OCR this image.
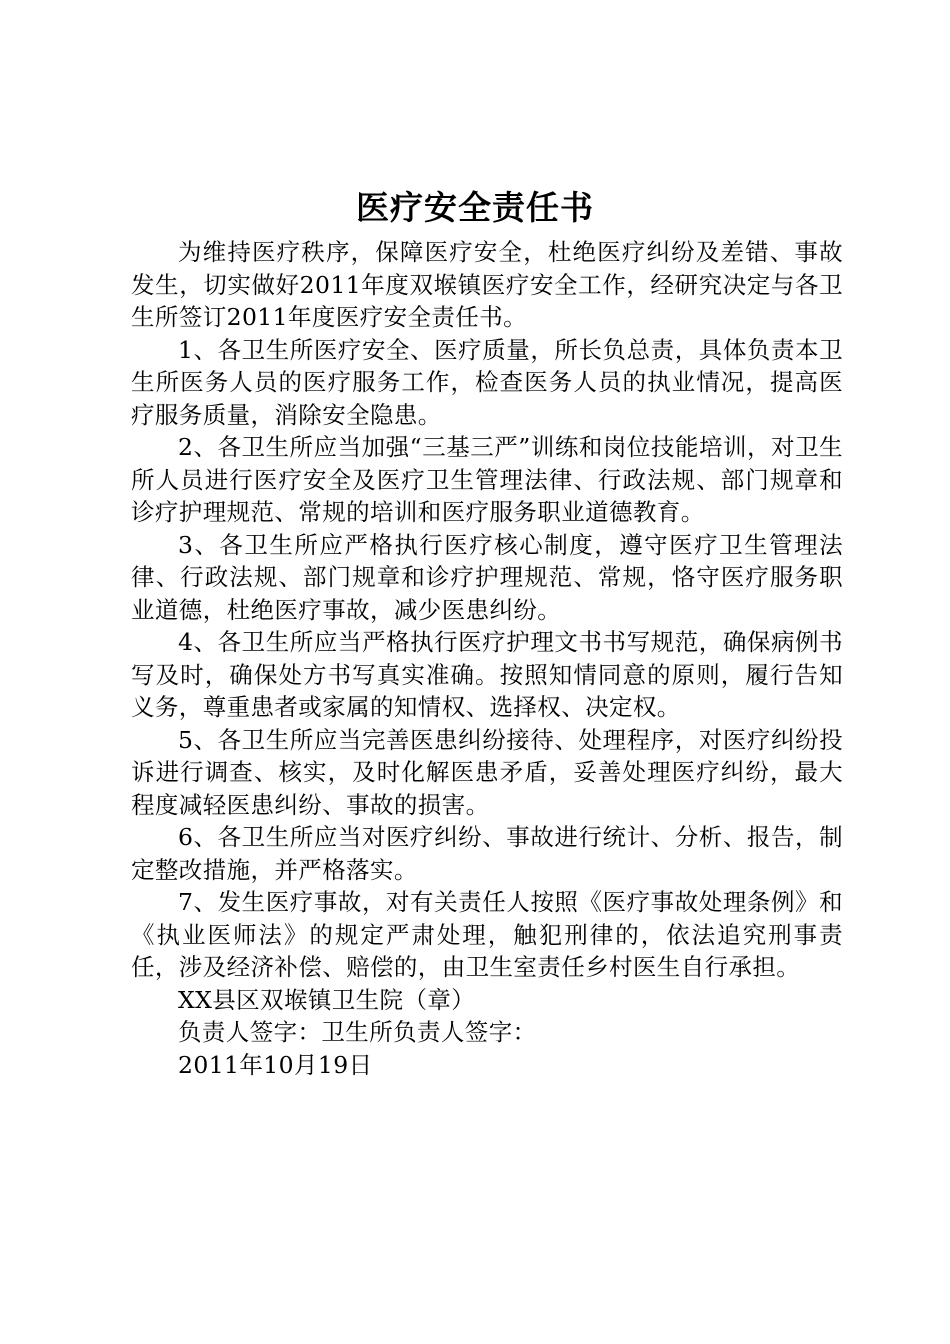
医疗安全责任书

为维持医疗秩序，保障医疗安全，杜绝医疗纠纷及差错、事故发生，切实做好2011年度双堠镇医疗安全工作，经研究决定与各卫生所签订2011年度医疗安全责任书。

1、各卫生所医疗安全、医疗质量，所长负总责，具体负责本卫生所医务人员的医疗服务工作，检查医务人员的执业情况，提高医疗服务质量，消除安全隐患。

2、各卫生所应当加强“三基三严”训练和岗位技能培训，对卫生所人员进行医疗安全及医疗卫生管理法律、行政法规、部门规章和诊疗护理规范、常规的培训和医疗服务职业道德教育。

3、各卫生所应严格执行医疗核心制度，遵守医疗卫生管理法律、行政法规、部门规章和诊疗护理规范、常规，恪守医疗服务职业道德，杜绝医疗事故，减少医患纠纷。

4、各卫生所应当严格执行医疗护理文书书写规范，确保病例书写及时，确保处方书写真实准确。按照知情同意的原则，履行告知义务，尊重患者或家属的知情权、选择权、决定权。

5、各卫生所应当完善医患纠纷接待、处理程序，对医疗纠纷投诉进行调查、核实，及时化解医患矛盾，妥善处理医疗纠纷，最大程度减轻医患纠纷、事故的损害。

6、各卫生所应当对医疗纠纷、事故进行统计、分析、报告，制定整改措施，并严格落实。

7、发生医疗事故，对有关责任人按照《医疗事故处理条例》和《执业医师法》的规定严肃处理，触犯刑律的，依法追究刑事责任，涉及经济补偿、赔偿的，由卫生室责任乡村医生自行承担。

XX县区双堠镇卫生院（章）

负责人签字：卫生所负责人签字：

2011年10月19日
